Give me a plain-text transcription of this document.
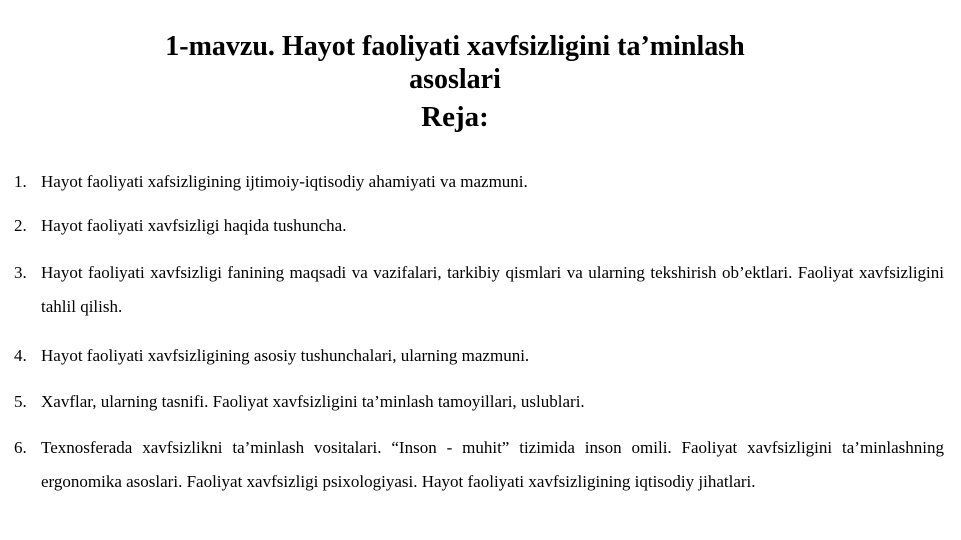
1-mavzu. Hayot faoliyati xavfsizligini ta’minlash
asoslari
Reja:
1. Hayot faoliyati xafsizligining ijtimoiy-iqtisodiy ahamiyati va mazmuni.
2. Hayot faoliyati xavfsizligi haqida tushuncha.
3. Hayot faoliyati xavfsizligi fanining maqsadi va vazifalari, tarkibiy qismlari va ularning tekshirish ob’ektlari. Faoliyat xavfsizligini tahlil qilish.
4. Hayot faoliyati xavfsizligining asosiy tushunchalari, ularning mazmuni.
5. Xavflar, ularning tasnifi. Faoliyat xavfsizligini ta’minlash tamoyillari, uslublari.
6. Texnosferada xavfsizlikni ta’minlash vositalari. “Inson - muhit” tizimida inson omili. Faoliyat xavfsizligini ta’minlashning ergonomika asoslari. Faoliyat xavfsizligi psixologiyasi. Hayot faoliyati xavfsizligining iqtisodiy jihatlari.
